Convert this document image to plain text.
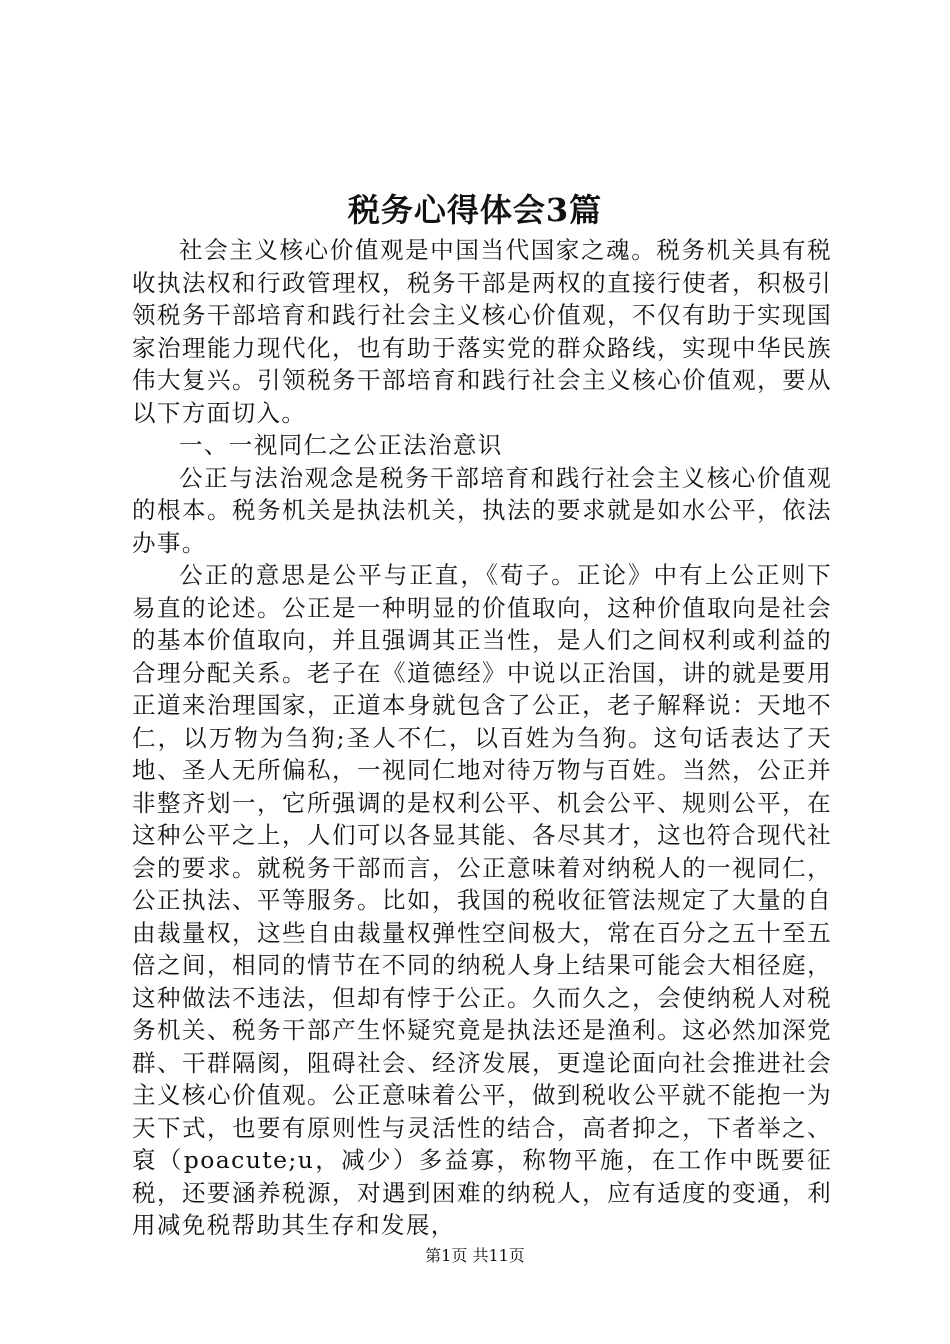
税务心得体会3篇

社会主义核心价值观是中国当代国家之魂。税务机关具有税收执法权和行政管理权，税务干部是两权的直接行使者，积极引领税务干部培育和践行社会主义核心价值观，不仅有助于实现国家治理能力现代化，也有助于落实党的群众路线，实现中华民族伟大复兴。引领税务干部培育和践行社会主义核心价值观，要从以下方面切入。

一、一视同仁之公正法治意识

公正与法治观念是税务干部培育和践行社会主义核心价值观的根本。税务机关是执法机关，执法的要求就是如水公平，依法办事。

公正的意思是公平与正直，《荀子。正论》中有上公正则下易直的论述。公正是一种明显的价值取向，这种价值取向是社会的基本价值取向，并且强调其正当性，是人们之间权利或利益的合理分配关系。老子在《道德经》中说以正治国，讲的就是要用正道来治理国家，正道本身就包含了公正，老子解释说：天地不仁，以万物为刍狗;圣人不仁，以百姓为刍狗。这句话表达了天地、圣人无所偏私，一视同仁地对待万物与百姓。当然，公正并非整齐划一，它所强调的是权利公平、机会公平、规则公平，在这种公平之上，人们可以各显其能、各尽其才，这也符合现代社会的要求。就税务干部而言，公正意味着对纳税人的一视同仁，公正执法、平等服务。比如，我国的税收征管法规定了大量的自由裁量权，这些自由裁量权弹性空间极大，常在百分之五十至五倍之间，相同的情节在不同的纳税人身上结果可能会大相径庭，这种做法不违法，但却有悖于公正。久而久之，会使纳税人对税务机关、税务干部产生怀疑究竟是执法还是渔利。这必然加深党群、干群隔阂，阻碍社会、经济发展，更遑论面向社会推进社会主义核心价值观。公正意味着公平，做到税收公平就不能抱一为天下式，也要有原则性与灵活性的结合，高者抑之，下者举之、裒（poacute;u，减少）多益寡，称物平施，在工作中既要征税，还要涵养税源，对遇到困难的纳税人，应有适度的变通，利用减免税帮助其生存和发展，

第1页 共11页
